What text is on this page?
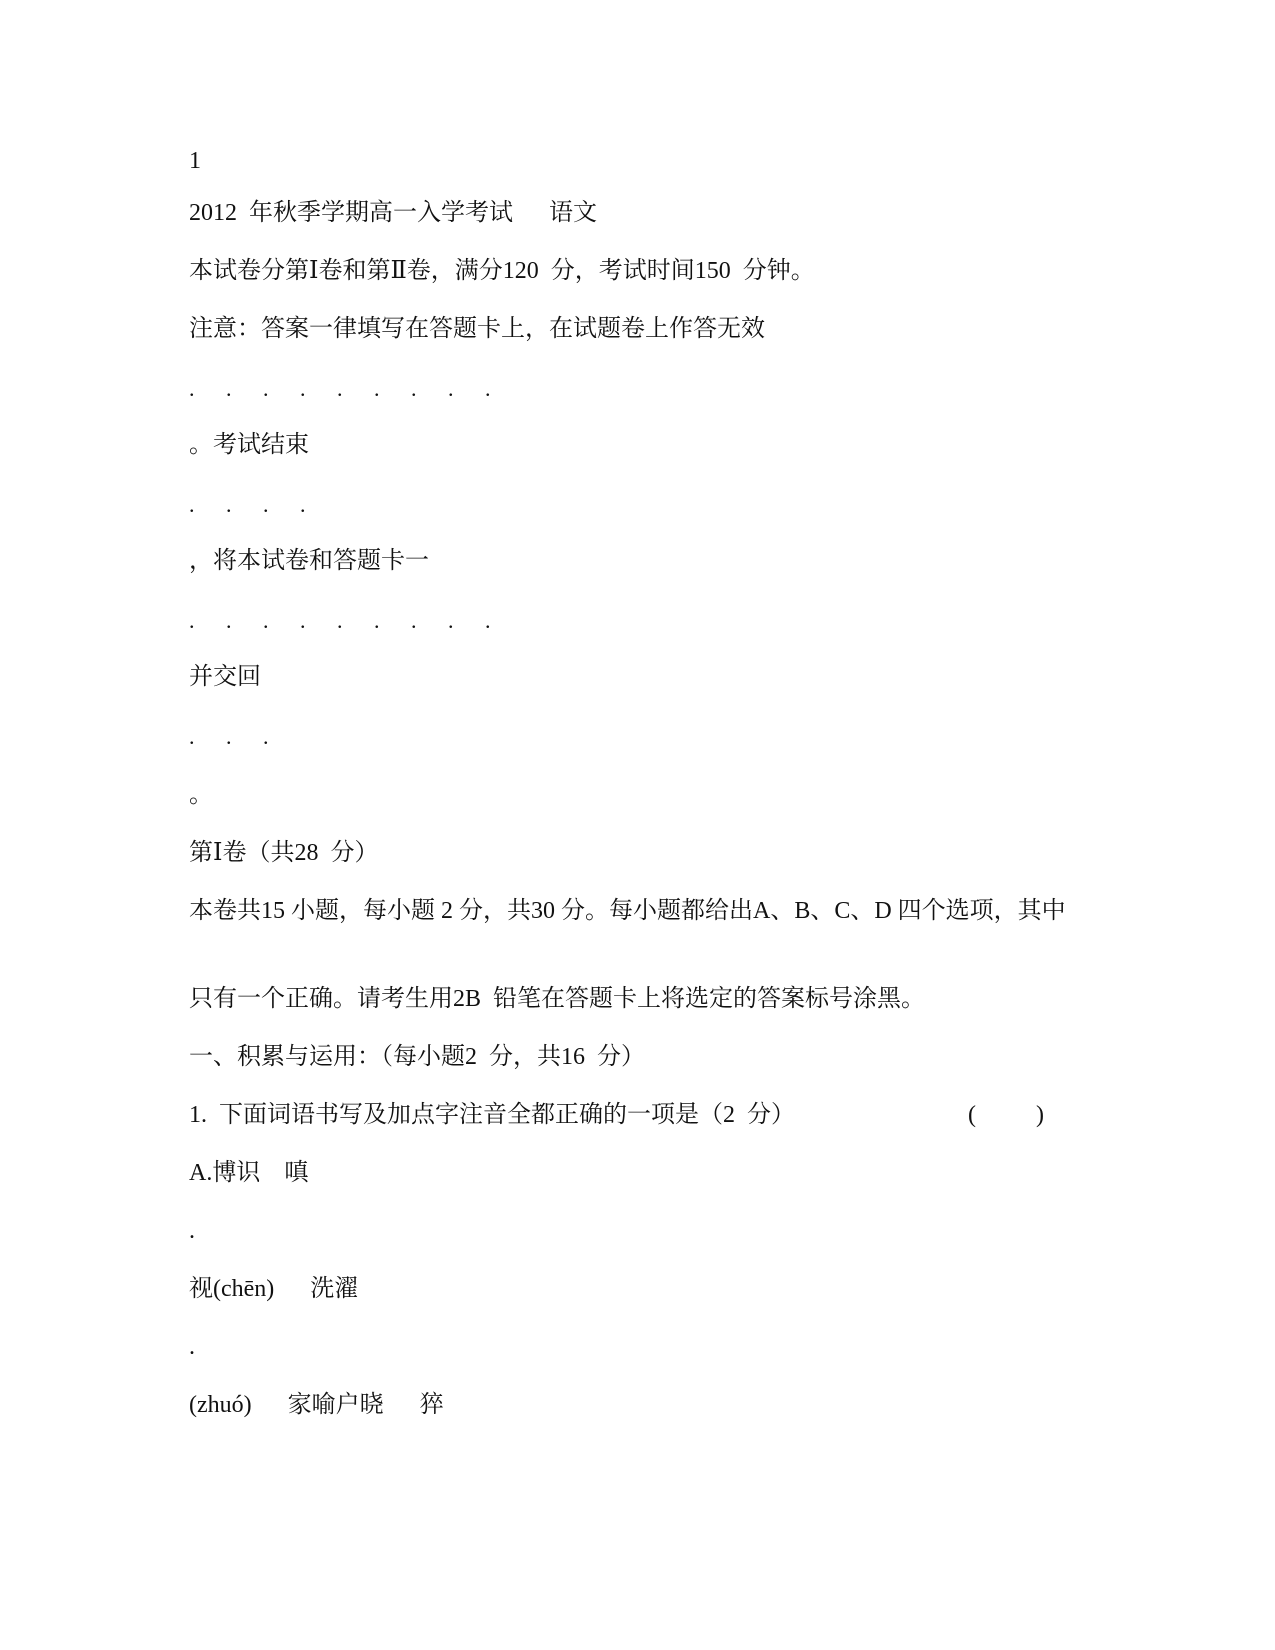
1
2012  年秋季学期高一入学考试      语文
本试卷分第Ⅰ卷和第Ⅱ卷，满分120  分，考试时间150  分钟。
注意：答案一律填写在答题卡上，在试题卷上作答无效
. . . . . . . . .
。考试结束
. . . .
，将本试卷和答题卡一
. . . . . . . . .
并交回
. . .
。
第Ⅰ卷（共28  分）
本卷共15 小题，每小题 2 分，共30 分。每小题都给出A、B、C、D 四个选项，其中
只有一个正确。请考生用2B  铅笔在答题卡上将选定的答案标号涂黑。
一、积累与运用：（每小题2  分，共16  分）
1.  下面词语书写及加点字注音全都正确的一项是（2  分）	(          )
A.博识    嗔
.
视(chēn)      洗濯
.
(zhuó)      家喻户晓      猝
